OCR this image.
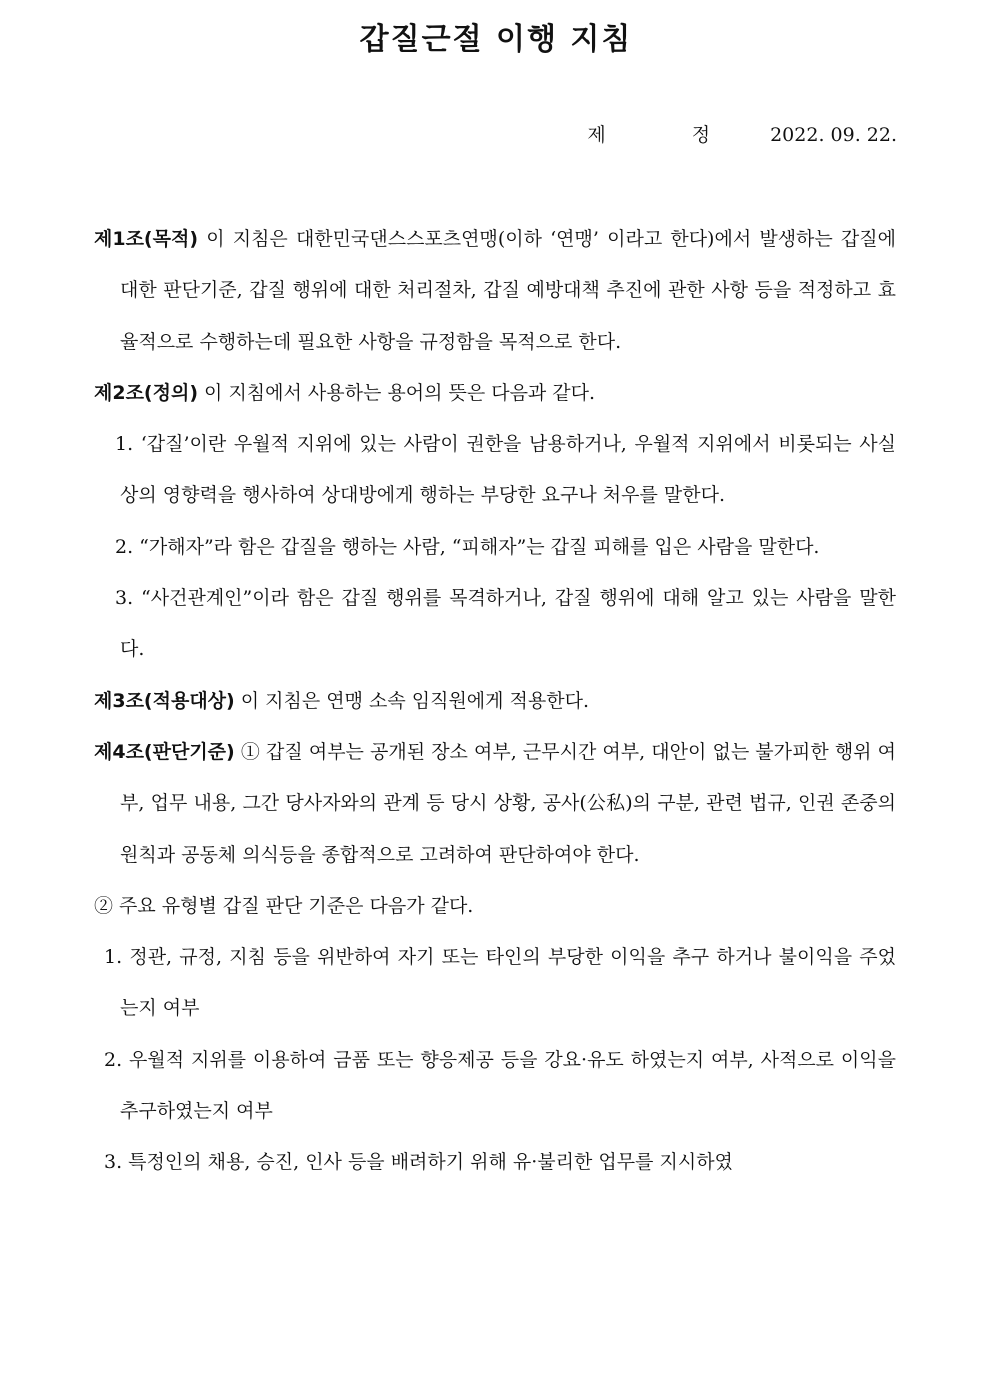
갑질근절 이행 지침
제 정 2022. 09. 22.

제1조(목적) 이 지침은 대한민국댄스스포츠연맹(이하 ‘연맹’ 이라고 한다)에서 발생하는 갑질에 대한 판단기준, 갑질 행위에 대한 처리절차, 갑질 예방대책 추진에 관한 사항 등을 적정하고 효율적으로 수행하는데 필요한 사항을 규정함을 목적으로 한다.

제2조(정의) 이 지침에서 사용하는 용어의 뜻은 다음과 같다.

1. ‘갑질’이란 우월적 지위에 있는 사람이 권한을 남용하거나, 우월적 지위에서 비롯되는 사실상의 영향력을 행사하여 상대방에게 행하는 부당한 요구나 처우를 말한다.

2. “가해자”라 함은 갑질을 행하는 사람, “피해자”는 갑질 피해를 입은 사람을 말한다.

3. “사건관계인”이라 함은 갑질 행위를 목격하거나, 갑질 행위에 대해 알고 있는 사람을 말한다.

제3조(적용대상) 이 지침은 연맹 소속 임직원에게 적용한다.

제4조(판단기준) ① 갑질 여부는 공개된 장소 여부, 근무시간 여부, 대안이 없는 불가피한 행위 여부, 업무 내용, 그간 당사자와의 관계 등 당시 상황, 공사(公私)의 구분, 관련 법규, 인권 존중의 원칙과 공동체 의식등을 종합적으로 고려하여 판단하여야 한다.

② 주요 유형별 갑질 판단 기준은 다음가 같다.

1. 정관, 규정, 지침 등을 위반하여 자기 또는 타인의 부당한 이익을 추구 하거나 불이익을 주었는지 여부

2. 우월적 지위를 이용하여 금품 또는 향응제공 등을 강요·유도 하였는지 여부, 사적으로 이익을 추구하였는지 여부

3. 특정인의 채용, 승진, 인사 등을 배려하기 위해 유·불리한 업무를 지시하였
